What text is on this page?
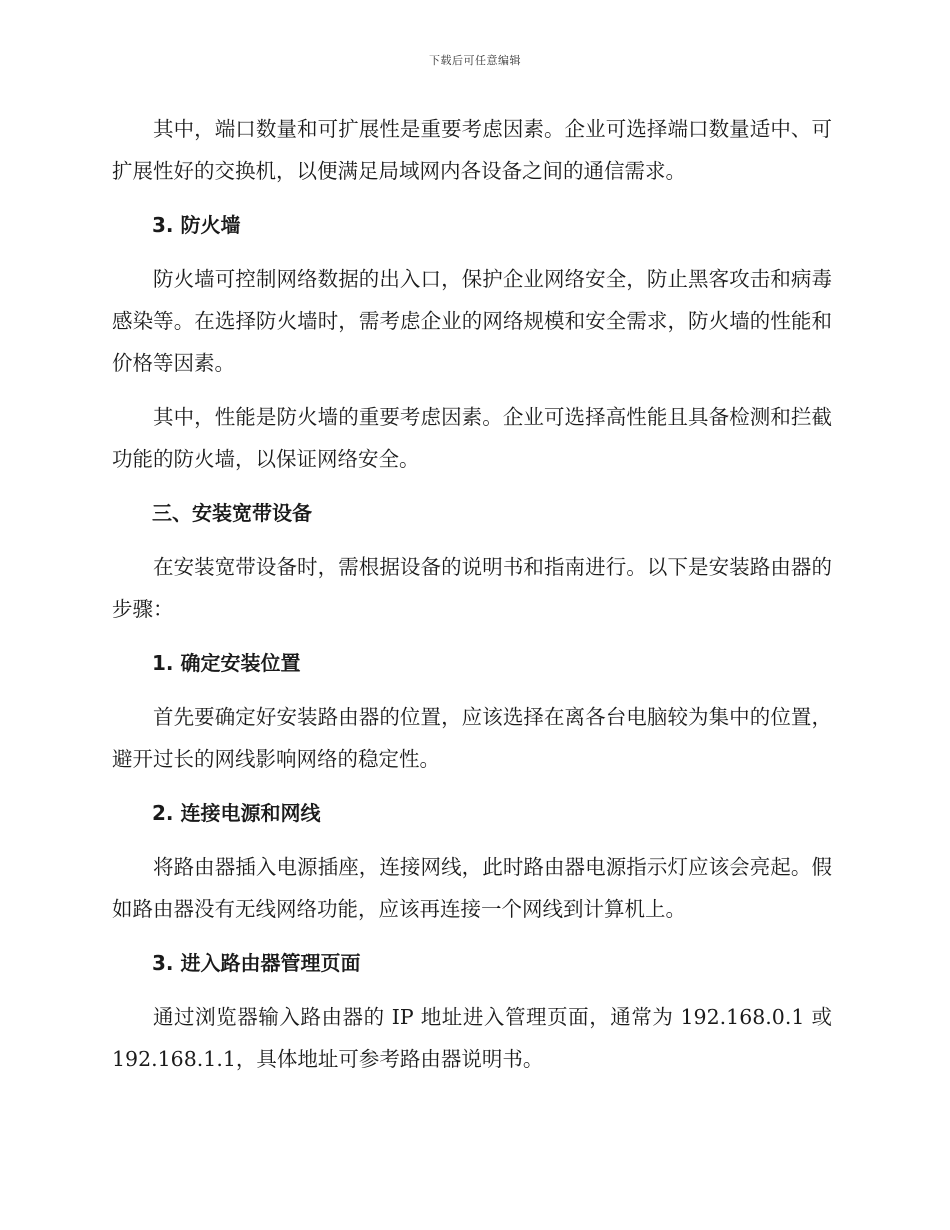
下载后可任意编辑

其中，端口数量和可扩展性是重要考虑因素。企业可选择端口数量适中、可扩展性好的交换机，以便满足局域网内各设备之间的通信需求。

3. 防火墙

防火墙可控制网络数据的出入口，保护企业网络安全，防止黑客攻击和病毒感染等。在选择防火墙时，需考虑企业的网络规模和安全需求，防火墙的性能和价格等因素。

其中，性能是防火墙的重要考虑因素。企业可选择高性能且具备检测和拦截功能的防火墙，以保证网络安全。

三、安装宽带设备

在安装宽带设备时，需根据设备的说明书和指南进行。以下是安装路由器的步骤：

1. 确定安装位置

首先要确定好安装路由器的位置，应该选择在离各台电脑较为集中的位置，避开过长的网线影响网络的稳定性。

2. 连接电源和网线

将路由器插入电源插座，连接网线，此时路由器电源指示灯应该会亮起。假如路由器没有无线网络功能，应该再连接一个网线到计算机上。

3. 进入路由器管理页面

通过浏览器输入路由器的 IP 地址进入管理页面，通常为 192.168.0.1 或 192.168.1.1，具体地址可参考路由器说明书。
